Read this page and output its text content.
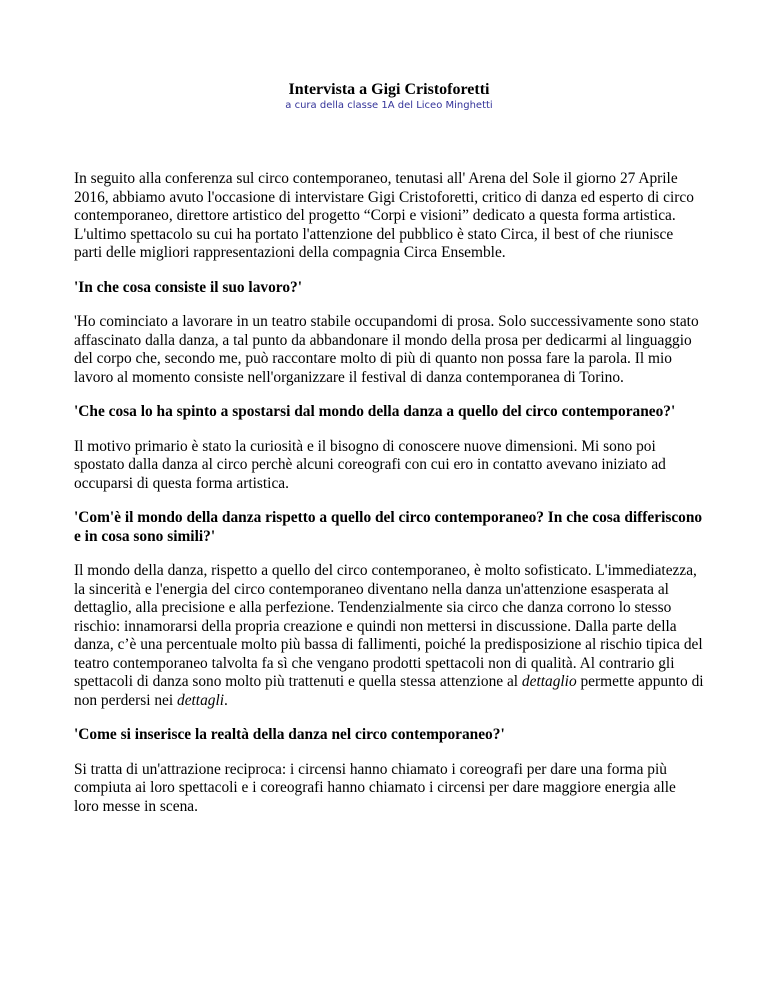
Intervista a Gigi Cristoforetti
a cura della classe 1A del Liceo Minghetti

In seguito alla conferenza sul circo contemporaneo, tenutasi all' Arena del Sole il giorno 27 Aprile 2016, abbiamo avuto l'occasione di intervistare Gigi Cristoforetti, critico di danza ed esperto di circo contemporaneo, direttore artistico del progetto “Corpi e visioni” dedicato a questa forma artistica. L'ultimo spettacolo su cui ha portato l'attenzione del pubblico è stato Circa, il best of che riunisce parti delle migliori rappresentazioni della compagnia Circa Ensemble.

'In che cosa consiste il suo lavoro?'

'Ho cominciato a lavorare in un teatro stabile occupandomi di prosa. Solo successivamente sono stato affascinato dalla danza, a tal punto da abbandonare il mondo della prosa per dedicarmi al linguaggio del corpo che, secondo me, può raccontare molto di più di quanto non possa fare la parola. Il mio lavoro al momento consiste nell'organizzare il festival di danza contemporanea di Torino.

'Che cosa lo ha spinto a spostarsi dal mondo della danza a quello del circo contemporaneo?'

Il motivo primario è stato la curiosità e il bisogno di conoscere nuove dimensioni. Mi sono poi spostato dalla danza al circo perchè alcuni coreografi con cui ero in contatto avevano iniziato ad occuparsi di questa forma artistica.

'Com'è il mondo della danza rispetto a quello del circo contemporaneo? In che cosa differiscono e in cosa sono simili?'

Il mondo della danza, rispetto a quello del circo contemporaneo, è molto sofisticato. L'immediatezza, la sincerità e l'energia del circo contemporaneo diventano nella danza un'attenzione esasperata al dettaglio, alla precisione e alla perfezione. Tendenzialmente sia circo che danza corrono lo stesso rischio: innamorarsi della propria creazione e quindi non mettersi in discussione. Dalla parte della danza, c’è una percentuale molto più bassa di fallimenti, poiché la predisposizione al rischio tipica del teatro contemporaneo talvolta fa sì che vengano prodotti spettacoli non di qualità. Al contrario gli spettacoli di danza sono molto più trattenuti e quella stessa attenzione al dettaglio permette appunto di non perdersi nei dettagli.

'Come si inserisce la realtà della danza nel circo contemporaneo?'

Si tratta di un'attrazione reciproca: i circensi hanno chiamato i coreografi per dare una forma più compiuta ai loro spettacoli e i coreografi hanno chiamato i circensi per dare maggiore energia alle loro messe in scena.
